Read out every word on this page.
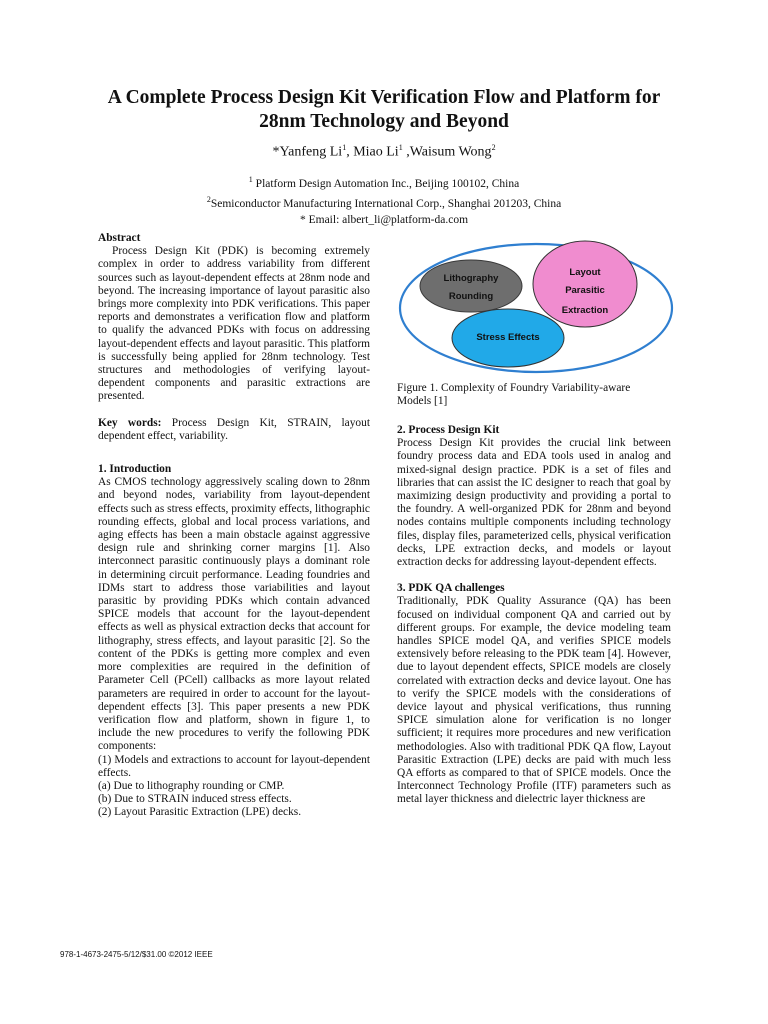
A Complete Process Design Kit Verification Flow and Platform for
28nm Technology and Beyond
*Yanfeng Li$^1$, Miao Li$^1$ ,Waisum Wong$^2$
$^1$ Platform Design Automation Inc., Beijing 100102, China
$^2$Semiconductor Manufacturing International Corp., Shanghai 201203, China
* Email: albert_li@platform-da.com

Abstract

Process Design Kit (PDK) is becoming extremely complex in order to address variability from different sources such as layout-dependent effects at 28nm node and beyond. The increasing importance of layout parasitic also brings more complexity into PDK verifications. This paper reports and demonstrates a verification flow and platform to qualify the advanced PDKs with focus on addressing layout-dependent effects and layout parasitic. This platform is successfully being applied for 28nm technology. Test structures and methodologies of verifying layout-dependent components and parasitic extractions are presented.

Key words: Process Design Kit, STRAIN, layout dependent effect, variability.

1. Introduction

As CMOS technology aggressively scaling down to 28nm and beyond nodes, variability from layout-dependent effects such as stress effects, proximity effects, lithographic rounding effects, global and local process variations, and aging effects has been a main obstacle against aggressive design rule and shrinking corner margins [1]. Also interconnect parasitic continuously plays a dominant role in determining circuit performance. Leading foundries and IDMs start to address those variabilities and layout parasitic by providing PDKs which contain advanced SPICE models that account for the layout-dependent effects as well as physical extraction decks that account for lithography, stress effects, and layout parasitic [2]. So the content of the PDKs is getting more complex and even more complexities are required in the definition of Parameter Cell (PCell) callbacks as more layout related parameters are required in order to account for the layout-dependent effects [3]. This paper presents a new PDK verification flow and platform, shown in figure 1, to include the new procedures to verify the following PDK components:

(1) Models and extractions to account for layout-dependent effects.

(a) Due to lithography rounding or CMP.

(b) Due to STRAIN induced stress effects.

(2) Layout Parasitic Extraction (LPE) decks.

Lithography
Rounding
Layout
Parasitic
Extraction
Stress Effects
Figure 1. Complexity of Foundry Variability-aware Models [1]

2. Process Design Kit

Process Design Kit provides the crucial link between foundry process data and EDA tools used in analog and mixed-signal design practice. PDK is a set of files and libraries that can assist the IC designer to reach that goal by maximizing design productivity and providing a portal to the foundry. A well-organized PDK for 28nm and beyond nodes contains multiple components including technology files, display files, parameterized cells, physical verification decks, LPE extraction decks, and models or layout extraction decks for addressing layout-dependent effects.

3. PDK QA challenges

Traditionally, PDK Quality Assurance (QA) has been focused on individual component QA and carried out by different groups. For example, the device modeling team handles SPICE model QA, and verifies SPICE models extensively before releasing to the PDK team [4]. However, due to layout dependent effects, SPICE models are closely correlated with extraction decks and device layout. One has to verify the SPICE models with the considerations of device layout and physical verifications, thus running SPICE simulation alone for verification is no longer sufficient; it requires more procedures and new verification methodologies. Also with traditional PDK QA flow, Layout Parasitic Extraction (LPE) decks are paid with much less QA efforts as compared to that of SPICE models. Once the Interconnect Technology Profile (ITF) parameters such as metal layer thickness and dielectric layer thickness are

978-1-4673-2475-5/12/$31.00 ©2012 IEEE
